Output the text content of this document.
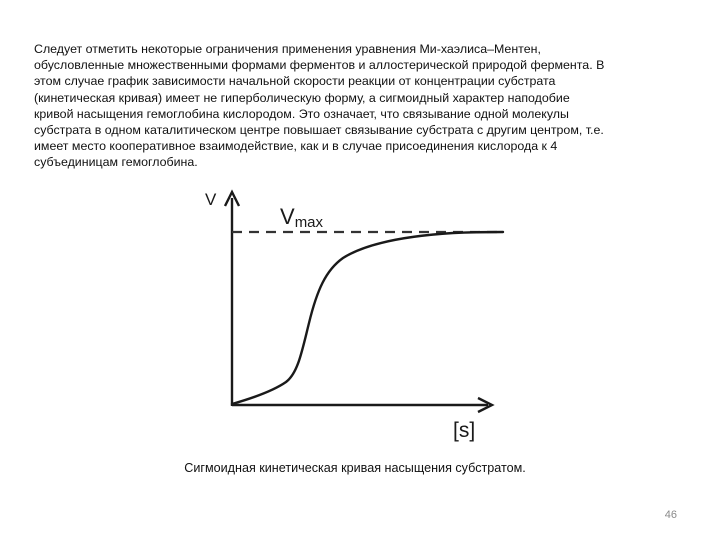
Следует отметить некоторые ограничения применения уравнения Ми-хаэлиса–Ментен,
обусловленные множественными формами ферментов и аллостерической природой фермента. В
этом случае график зависимости начальной скорости реакции от концентрации субстрата
(кинетическая кривая) имеет не гиперболическую форму, а сигмоидный характер наподобие
кривой насыщения гемоглобина кислородом. Это означает, что связывание одной молекулы
субстрата в одном каталитическом центре повышает связывание субстрата с другим центром, т.е.
имеет место кооперативное взаимодействие, как и в случае присоединения кислорода к 4
субъединицам гемоглобина.

V
Vmax
[s]
Сигмоидная кинетическая кривая насыщения субстратом.
46
